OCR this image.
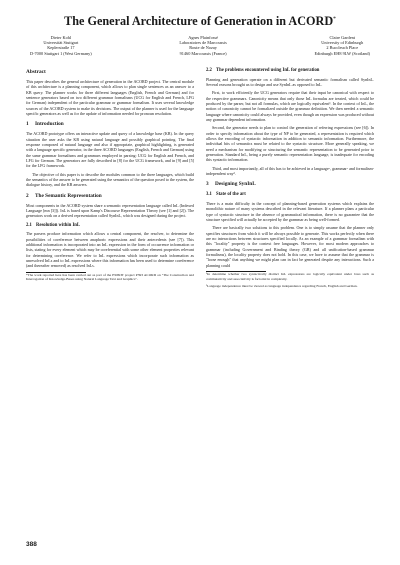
The General Architecture of Generation in ACORD*
Dieter Kohl
Universität Stuttgart
Keplerstraße 17
D-7000 Stuttgart 1 (West Germany)
Agnes Plainfossé
Laboratoires de Marcoussis
Route de Nozay
91460 Marcoussis (France)
Claire Gardent
University of Edinburgh
2 Buccleuch Place
Edinburgh EH8 9LW (Scotland)
Abstract

This paper describes the general architecture of generation in the ACORD project. The central module of this architecture is a planning component, which allows to plan single sentences as an answer to a KB query. The planner works for three different languages (English, French and German) and for sentence generators based on two different grammar formalisms (UCG for English and French, LFG for German) independent of the particular grammar or grammar formalism. It uses several knowledge sources of the ACORD system to make its decisions. The output of the planner is used for the language specific generators as well as for the update of information needed for pronoun resolution.

1 Introduction

The ACORD prototype offers an interactive update and query of a knowledge base (KB). In the query situation the user asks the KB using natural language and possibly graphical pointing. The final response composed of natural language and also if appropriate, graphical highlighting, is generated with a language specific generator, in the three ACORD languages (English, French and German) using the same grammar formalisms and grammars employed in parsing: UCG for English and French, and LFG for German. The generators are fully described in [8] for the UCG framework, and in [9] and [5] for the LFG framework.

The objective of this paper is to describe the modules common to the three languages, which build the semantics of the answer to be generated using the semantics of the question posed to the system, the dialogue history, and the KB answers.

2 The Semantic Representation

Most components in the ACORD system share a semantic representation language called InL (Indexed Language [mn [3]]). InL is based upon Kamp's Discourse Representation Theory (see [1] and [2]). The generators work on a derived representation called SynInL, which was designed during the project.

2.1 Resolution within InL

The parsers produce information which allows a central component, the resolver, to determine the possibilities of coreference between anaphoric expressions and their antecedents (see [7]). This additional information is incorporated into an InL expression in the form of occurrence information or lists, stating for every element which may be coreferential with some other element properties relevant for determining coreference. We refer to InL expressions which incorporate such information as unresolved InLs and to InL expressions where this information has been used to determine coreference (and thereafter removed) as resolved InLs.

*The work reported here has been carried out as part of the ESPRIT project P393 ACORD on "The Construction and Interrogation of Knowledge-Bases using Natural Language Text and Graphics".

2.2 The problems encountered using InL for generation

Planning and generation operate on a different but derivated semantic formalism called SynInL. Several reasons brought us to design and use SynInL as opposed to InL.

First, to work efficiently the UCG generators require that their input be canonical with respect to the respective grammars. Canonicity means that only those InL formulas are treated, which could be produced by the parser, but not all formulas, which are logically equivalent¹. In the context of InL, the notion of canonicity cannot be formalized outside the grammar definition. We then needed a semantic language where canonicity could always be provided, even though an expression was produced without any grammar dependent information.

Second, the generator needs to plan to control the generation of referring expressions (see [6]). In order to specify information about the type of NP to be generated, a representation is required which allows the encoding of syntactic information in addition to semantic information. Furthermore, the individual bits of semantics must be related to the syntactic structure. More generally speaking, we need a mechanism for modifying or structuring the semantic representation to be generated prior to generation. Standard InL, being a purely semantic representation language, is inadequate for encoding this syntactic information.

Third, and most importantly, all of this has to be achieved in a language-, grammar- and formalism-independent way².

3 Designing SynInL
3.1 State of the art

There is a main difficulty in the concept of planning-based generation systems which explains the monolithic nature of many systems described in the relevant literature. If a planner plans a particular type of syntactic structure in the absence of grammatical information, there is no guarantee that the structure specified will actually be accepted by the grammar as being well-formed.

There are basically two solutions to this problem. One is to simply assume that the planner only specifies structures from which it will be always possible to generate. This works perfectly when there are no interactions between structures specified locally. As an example of a grammar formalism with this "locality" property is the context free languages. However, for most modern approaches to grammar (including Government and Binding theory (GB) and all unification-based grammar formalisms), the locality property does not hold. In this case, we have to assume that the grammar is "loose enough" that anything we might plan can in fact be generated despite any interactions. Such a planning could

¹In determine whether two syntactically distinct InL expressions are logically equivalent under laws such as commutativity and associativity is factorial in complexity.

²Language independence must be viewed as language independence regarding French, English and German.

388
